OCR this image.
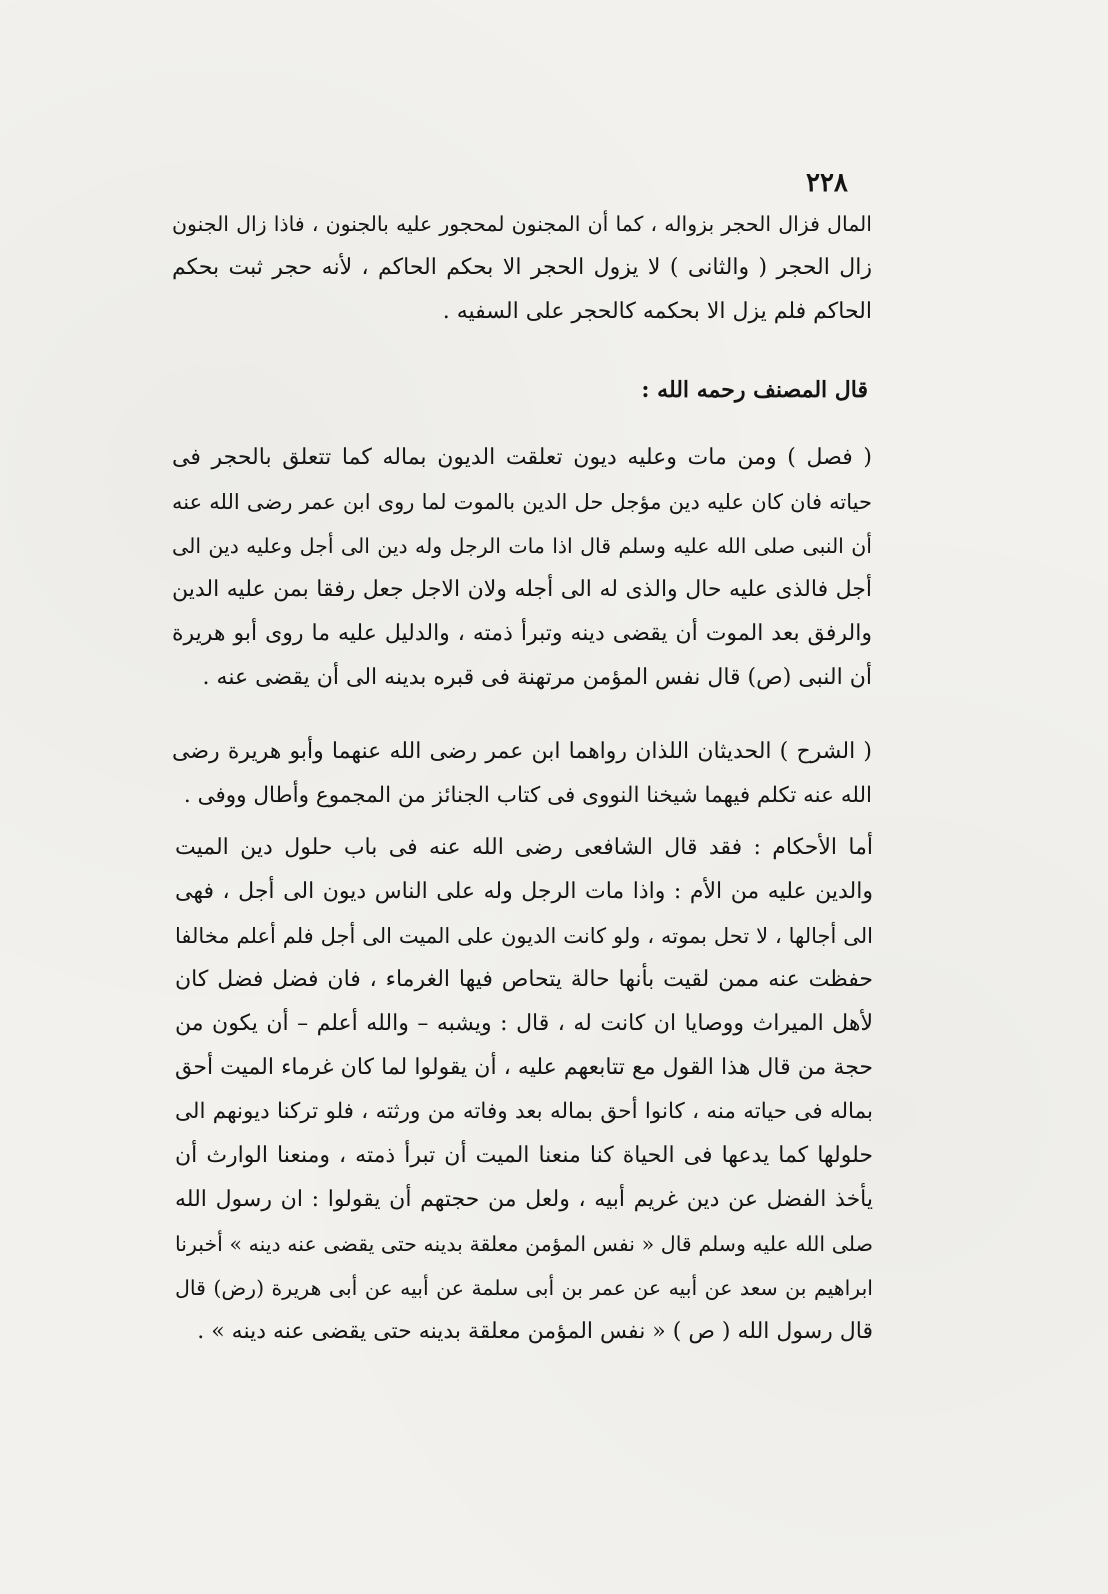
٢٢٨
المال فزال الحجر بزواله ، كما أن المجنون لمحجور عليه بالجنون ، فاذا زال الجنون
زال الحجر ( والثانى ) لا يزول الحجر الا بحكم الحاكم ، لأنه حجر ثبت بحكم
الحاكم فلم يزل الا بحكمه كالحجر على السفيه .
قال المصنف رحمه الله :
( فصل ) ومن مات وعليه ديون تعلقت الديون بماله كما تتعلق بالحجر فى
حياته فان كان عليه دين مؤجل حل الدين بالموت لما روى ابن عمر رضى الله عنه
أن النبى صلى الله عليه وسلم قال اذا مات الرجل وله دين الى أجل وعليه دين الى
أجل فالذى عليه حال والذى له الى أجله ولان الاجل جعل رفقا بمن عليه الدين
والرفق بعد الموت أن يقضى دينه وتبرأ ذمته ، والدليل عليه ما روى أبو هريرة
أن النبى (ص) قال نفس المؤمن مرتهنة فى قبره بدينه الى أن يقضى عنه .
( الشرح ) الحديثان اللذان رواهما ابن عمر رضى الله عنهما وأبو هريرة رضى
الله عنه تكلم فيهما شيخنا النووى فى كتاب الجنائز من المجموع وأطال ووفى .
أما الأحكام : فقد قال الشافعى رضى الله عنه فى باب حلول دين الميت
والدين عليه من الأم : واذا مات الرجل وله على الناس ديون الى أجل ، فهى
الى أجالها ، لا تحل بموته ، ولو كانت الديون على الميت الى أجل فلم أعلم مخالفا
حفظت عنه ممن لقيت بأنها حالة يتحاص فيها الغرماء ، فان فضل فضل كان
لأهل الميراث ووصايا ان كانت له ، قال : ويشبه – والله أعلم – أن يكون من
حجة من قال هذا القول مع تتابعهم عليه ، أن يقولوا لما كان غرماء الميت أحق
بماله فى حياته منه ، كانوا أحق بماله بعد وفاته من ورثته ، فلو تركنا ديونهم الى
حلولها كما يدعها فى الحياة كنا منعنا الميت أن تبرأ ذمته ، ومنعنا الوارث أن
يأخذ الفضل عن دين غريم أبيه ، ولعل من حجتهم أن يقولوا : ان رسول الله
صلى الله عليه وسلم قال « نفس المؤمن معلقة بدينه حتى يقضى عنه دينه » أخبرنا
ابراهيم بن سعد عن أبيه عن عمر بن أبى سلمة عن أبيه عن أبى هريرة (رض) قال
قال رسول الله ( ص ) « نفس المؤمن معلقة بدينه حتى يقضى عنه دينه » .
